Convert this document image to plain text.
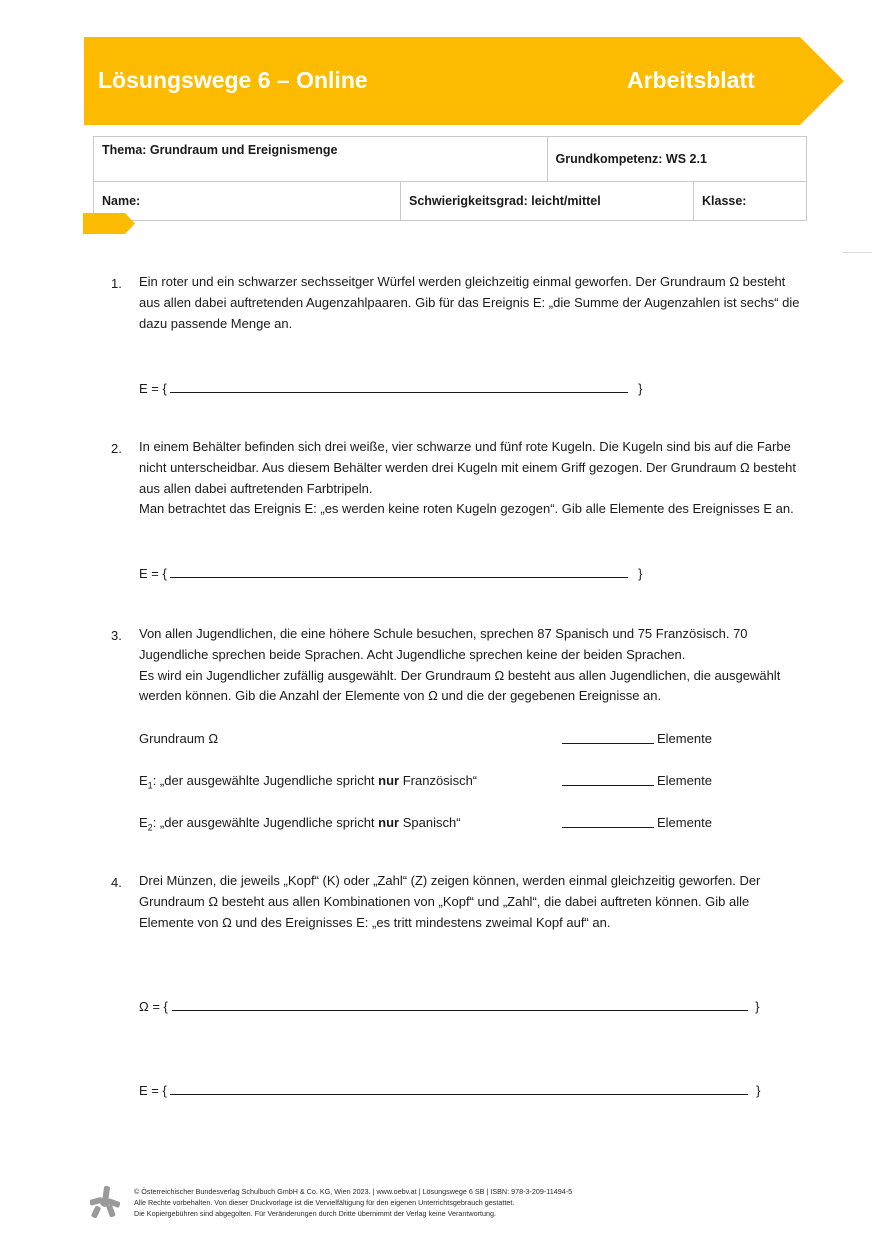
Lösungswege 6 – Online	Arbeitsblatt
Thema: Grundraum und Ereignismenge		Grundkompetenz: WS 2.1	
Name:	Schwierigkeitsgrad: leicht/mittel		Klasse:
1. Ein roter und ein schwarzer sechsseitger Würfel werden gleichzeitig einmal geworfen. Der Grundraum Ω besteht aus allen dabei auftretenden Augenzahlpaaren. Gib für das Ereignis E: „die Summe der Augenzahlen ist sechs“ die dazu passende Menge an.
E = {	}
2. In einem Behälter befinden sich drei weiße, vier schwarze und fünf rote Kugeln. Die Kugeln sind bis auf die Farbe nicht unterscheidbar. Aus diesem Behälter werden drei Kugeln mit einem Griff gezogen. Der Grundraum Ω besteht aus allen dabei auftretenden Farbtripeln.
Man betrachtet das Ereignis E: „es werden keine roten Kugeln gezogen“. Gib alle Elemente des Ereignisses E an.
E = {	}
3. Von allen Jugendlichen, die eine höhere Schule besuchen, sprechen 87 Spanisch und 75 Französisch. 70 Jugendliche sprechen beide Sprachen. Acht Jugendliche sprechen keine der beiden Sprachen.
Es wird ein Jugendlicher zufällig ausgewählt. Der Grundraum Ω besteht aus allen Jugendlichen, die ausgewählt werden können. Gib die Anzahl der Elemente von Ω und die der gegebenen Ereignisse an.
Grundraum Ω	Elemente
$E_1$: „der ausgewählte Jugendliche spricht nur Französisch“	Elemente
$E_2$: „der ausgewählte Jugendliche spricht nur Spanisch“	Elemente
4. Drei Münzen, die jeweils „Kopf“ (K) oder „Zahl“ (Z) zeigen können, werden einmal gleichzeitig geworfen. Der Grundraum Ω besteht aus allen Kombinationen von „Kopf“ und „Zahl“, die dabei auftreten können. Gib alle Elemente von Ω und des Ereignisses E: „es tritt mindestens zweimal Kopf auf“ an.
Ω = {	}
E = {	}
© Österreichischer Bundesverlag Schulbuch GmbH & Co. KG, Wien 2023. | www.oebv.at | Lösungswege 6 SB | ISBN: 978-3-209-11494-5
Alle Rechte vorbehalten. Von dieser Druckvorlage ist die Vervielfältigung für den eigenen Unterrichtsgebrauch gestattet.
Die Kopiergebühren sind abgegolten. Für Veränderungen durch Dritte übernimmt der Verlag keine Verantwortung.
